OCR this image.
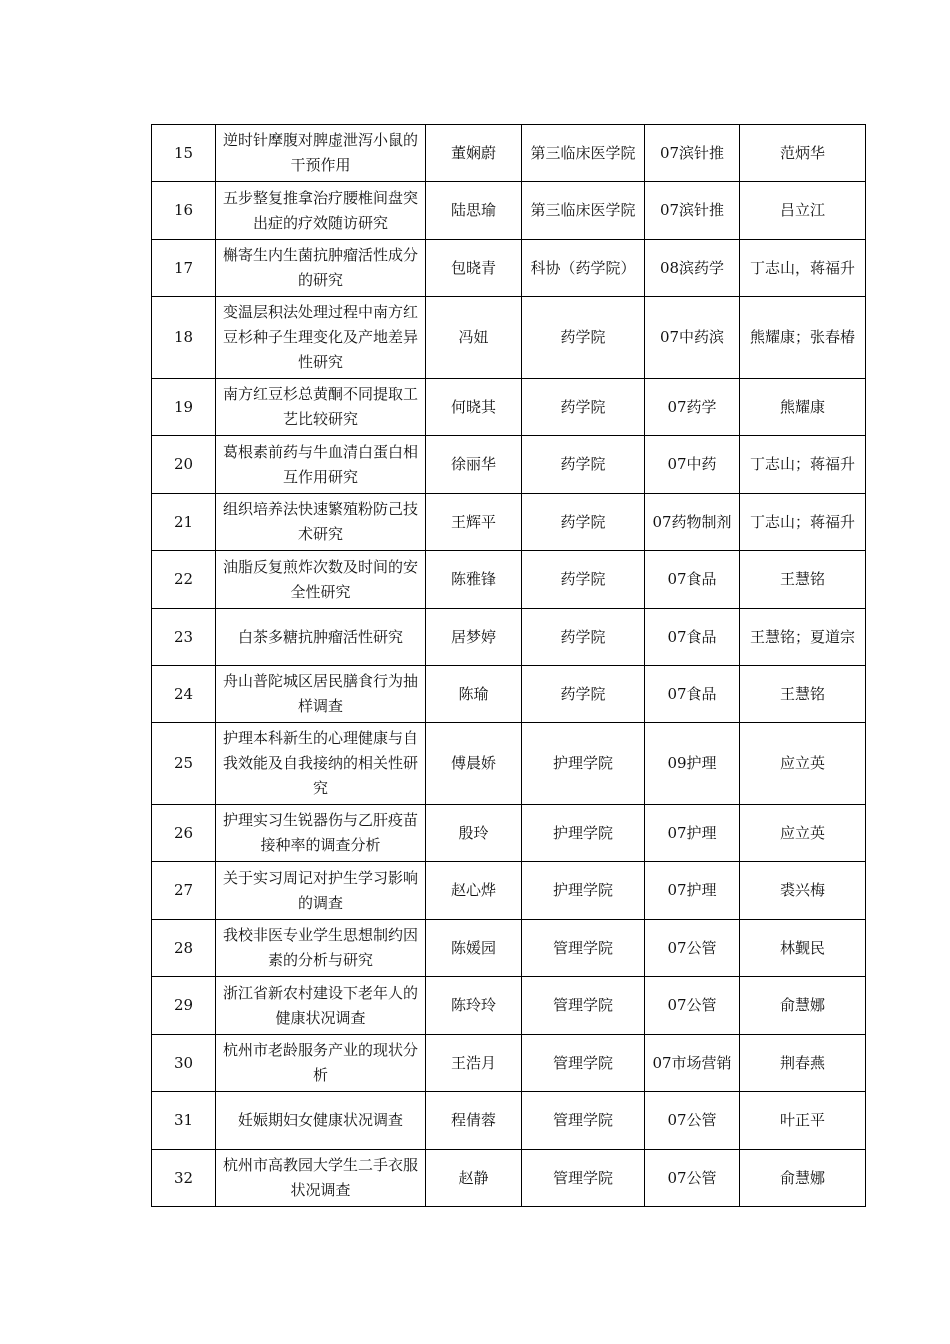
15	逆时针摩腹对脾虚泄泻小鼠的干预作用	董娴蔚	第三临床医学院	07滨针推	范炳华
16	五步整复推拿治疗腰椎间盘突出症的疗效随访研究	陆思瑜	第三临床医学院	07滨针推	吕立江
17	槲寄生内生菌抗肿瘤活性成分的研究	包晓青	科协（药学院）	08滨药学	丁志山，蒋福升
18	变温层积法处理过程中南方红豆杉种子生理变化及产地差异性研究	冯妞	药学院	07中药滨	熊耀康；张春椿
19	南方红豆杉总黄酮不同提取工艺比较研究	何晓其	药学院	07药学	熊耀康
20	葛根素前药与牛血清白蛋白相互作用研究	徐丽华	药学院	07中药	丁志山；蒋福升
21	组织培养法快速繁殖粉防己技术研究	王辉平	药学院	07药物制剂	丁志山；蒋福升
22	油脂反复煎炸次数及时间的安全性研究	陈雅锋	药学院	07食品	王慧铭
23	白茶多糖抗肿瘤活性研究	居梦婷	药学院	07食品	王慧铭；夏道宗
24	舟山普陀城区居民膳食行为抽样调查	陈瑜	药学院	07食品	王慧铭
25	护理本科新生的心理健康与自我效能及自我接纳的相关性研究	傅晨娇	护理学院	09护理	应立英
26	护理实习生锐器伤与乙肝疫苗接种率的调查分析	殷玲	护理学院	07护理	应立英
27	关于实习周记对护生学习影响的调查	赵心烨	护理学院	07护理	裘兴梅
28	我校非医专业学生思想制约因素的分析与研究	陈媛园	管理学院	07公管	林觐民
29	浙江省新农村建设下老年人的健康状况调查	陈玲玲	管理学院	07公管	俞慧娜
30	杭州市老龄服务产业的现状分析	王浩月	管理学院	07市场营销	荆春燕
31	妊娠期妇女健康状况调查	程倩蓉	管理学院	07公管	叶正平
32	杭州市高教园大学生二手衣服状况调查	赵静	管理学院	07公管	俞慧娜
